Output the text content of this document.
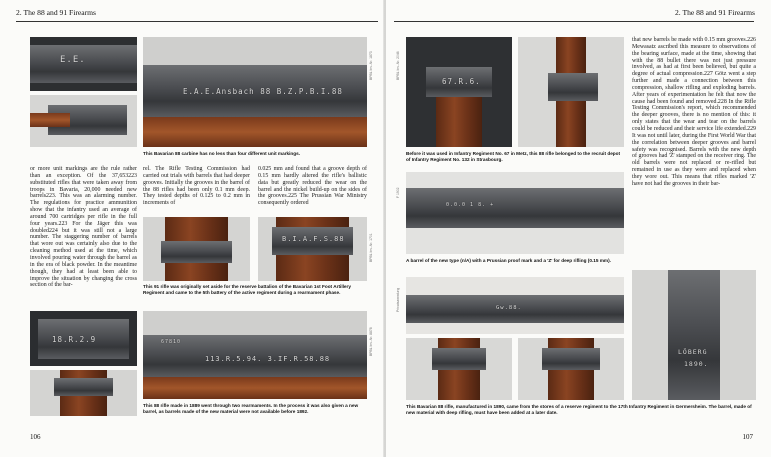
2. The 88 and 91 Firearms
E.E.
E.A.E.Ansbach 88 B.Z.P.B.I.88
BPBL Inv.-Nr. 1873
This Bavarian 88 carbine has no less than four different unit markings.
or more unit markings are the rule rather than an exception. Of the 37,653223 substituted rifles that were taken away from troops in Bavaria, 20,000 needed new barrels223. This was an alarming number. The regulations for practice ammunition show that the infantry used an average of around 700 cartridges per rifle in the full four years.223 For the Jäger this was doubled224 but it was still not a large number. The staggering number of barrels that wore out was certainly also due to the cleaning method used at the time, which involved pouring water through the barrel as in the era of black powder. In the meantime though, they had at least been able to improve the situation by changing the cross section of the bar-
rel. The Rifle Testing Commission had carried out trials with barrels that had deeper grooves. Initially the grooves in the barrel of the 88 rifles had been only 0.1 mm deep. They tested depths of 0.125 to 0.2 mm in increments of
0.025 mm and found that a groove depth of 0.15 mm hardly altered the rifle's ballistic data but greatly reduced the wear on the barrel and the nickel build-up on the sides of the grooves.225 The Prussian War Ministry consequently ordered
B.I.A.F.S.88	BPBL Inv.-Nr. 1701
This 91 rifle was originally set aside for the reserve battalion of the Bavarian 1st Foot Artillery Regiment and came to the 5th battery of the active regiment during a rearmament phase.
18.R.2.9	67810
113.R.5.94. 3.IF.R.58.88
BPBL Inv.-Nr. 8878
This 88 rifle made in 1889 went through two rearmaments. In the process it was also given a new barrel, as barrels made of the new material were not available before 1892.
106
2. The 88 and 91 Firearms
67.R.6.
BPBL Inv.-Nr. 2046
Before it was used in Infantry Regiment No. 67 in Metz, this 88 rifle belonged to the recruit depot of Infantry Regiment No. 132 in Strasbourg.
0.0.0 1 8. +
F 1902
A barrel of the new type (n/A) with a Prussian proof mark and a 'Z' for deep rifling (0.15 mm).
Gw.88.
LÖBERG
1890.
Privatsammlung
This Bavarian 88 rifle, manufactured in 1890, came from the stores of a reserve regiment to the 17th Infantry Regiment in Germersheim. The barrel, made of new material with deep rifling, must have been added at a later date.
that new barrels be made with 0.15 mm grooves.226 Mewasatz ascribed this measure to observations of the bearing surface, made at the time, showing that with the 88 bullet there was not just pressure involved, as had at first been believed, but quite a degree of actual compression.227 Götz went a step further and made a connection between this compression, shallow rifling and exploding barrels. After years of experimentation he felt that now the cause had been found and removed.228 In the Rifle Testing Commission's report, which recommended the deeper grooves, there is no mention of this: it only states that the wear and tear on the barrels could be reduced and their service life extended.229 It was not until later, during the First World War that the correlation between deeper grooves and barrel safety was recognised. Barrels with the new depth of grooves had 'Z' stamped on the receiver ring. The old barrels were not replaced or re-rifled but remained in use as they were and replaced when they wore out. This means that rifles marked 'Z' have not had the grooves in their bar-
107
